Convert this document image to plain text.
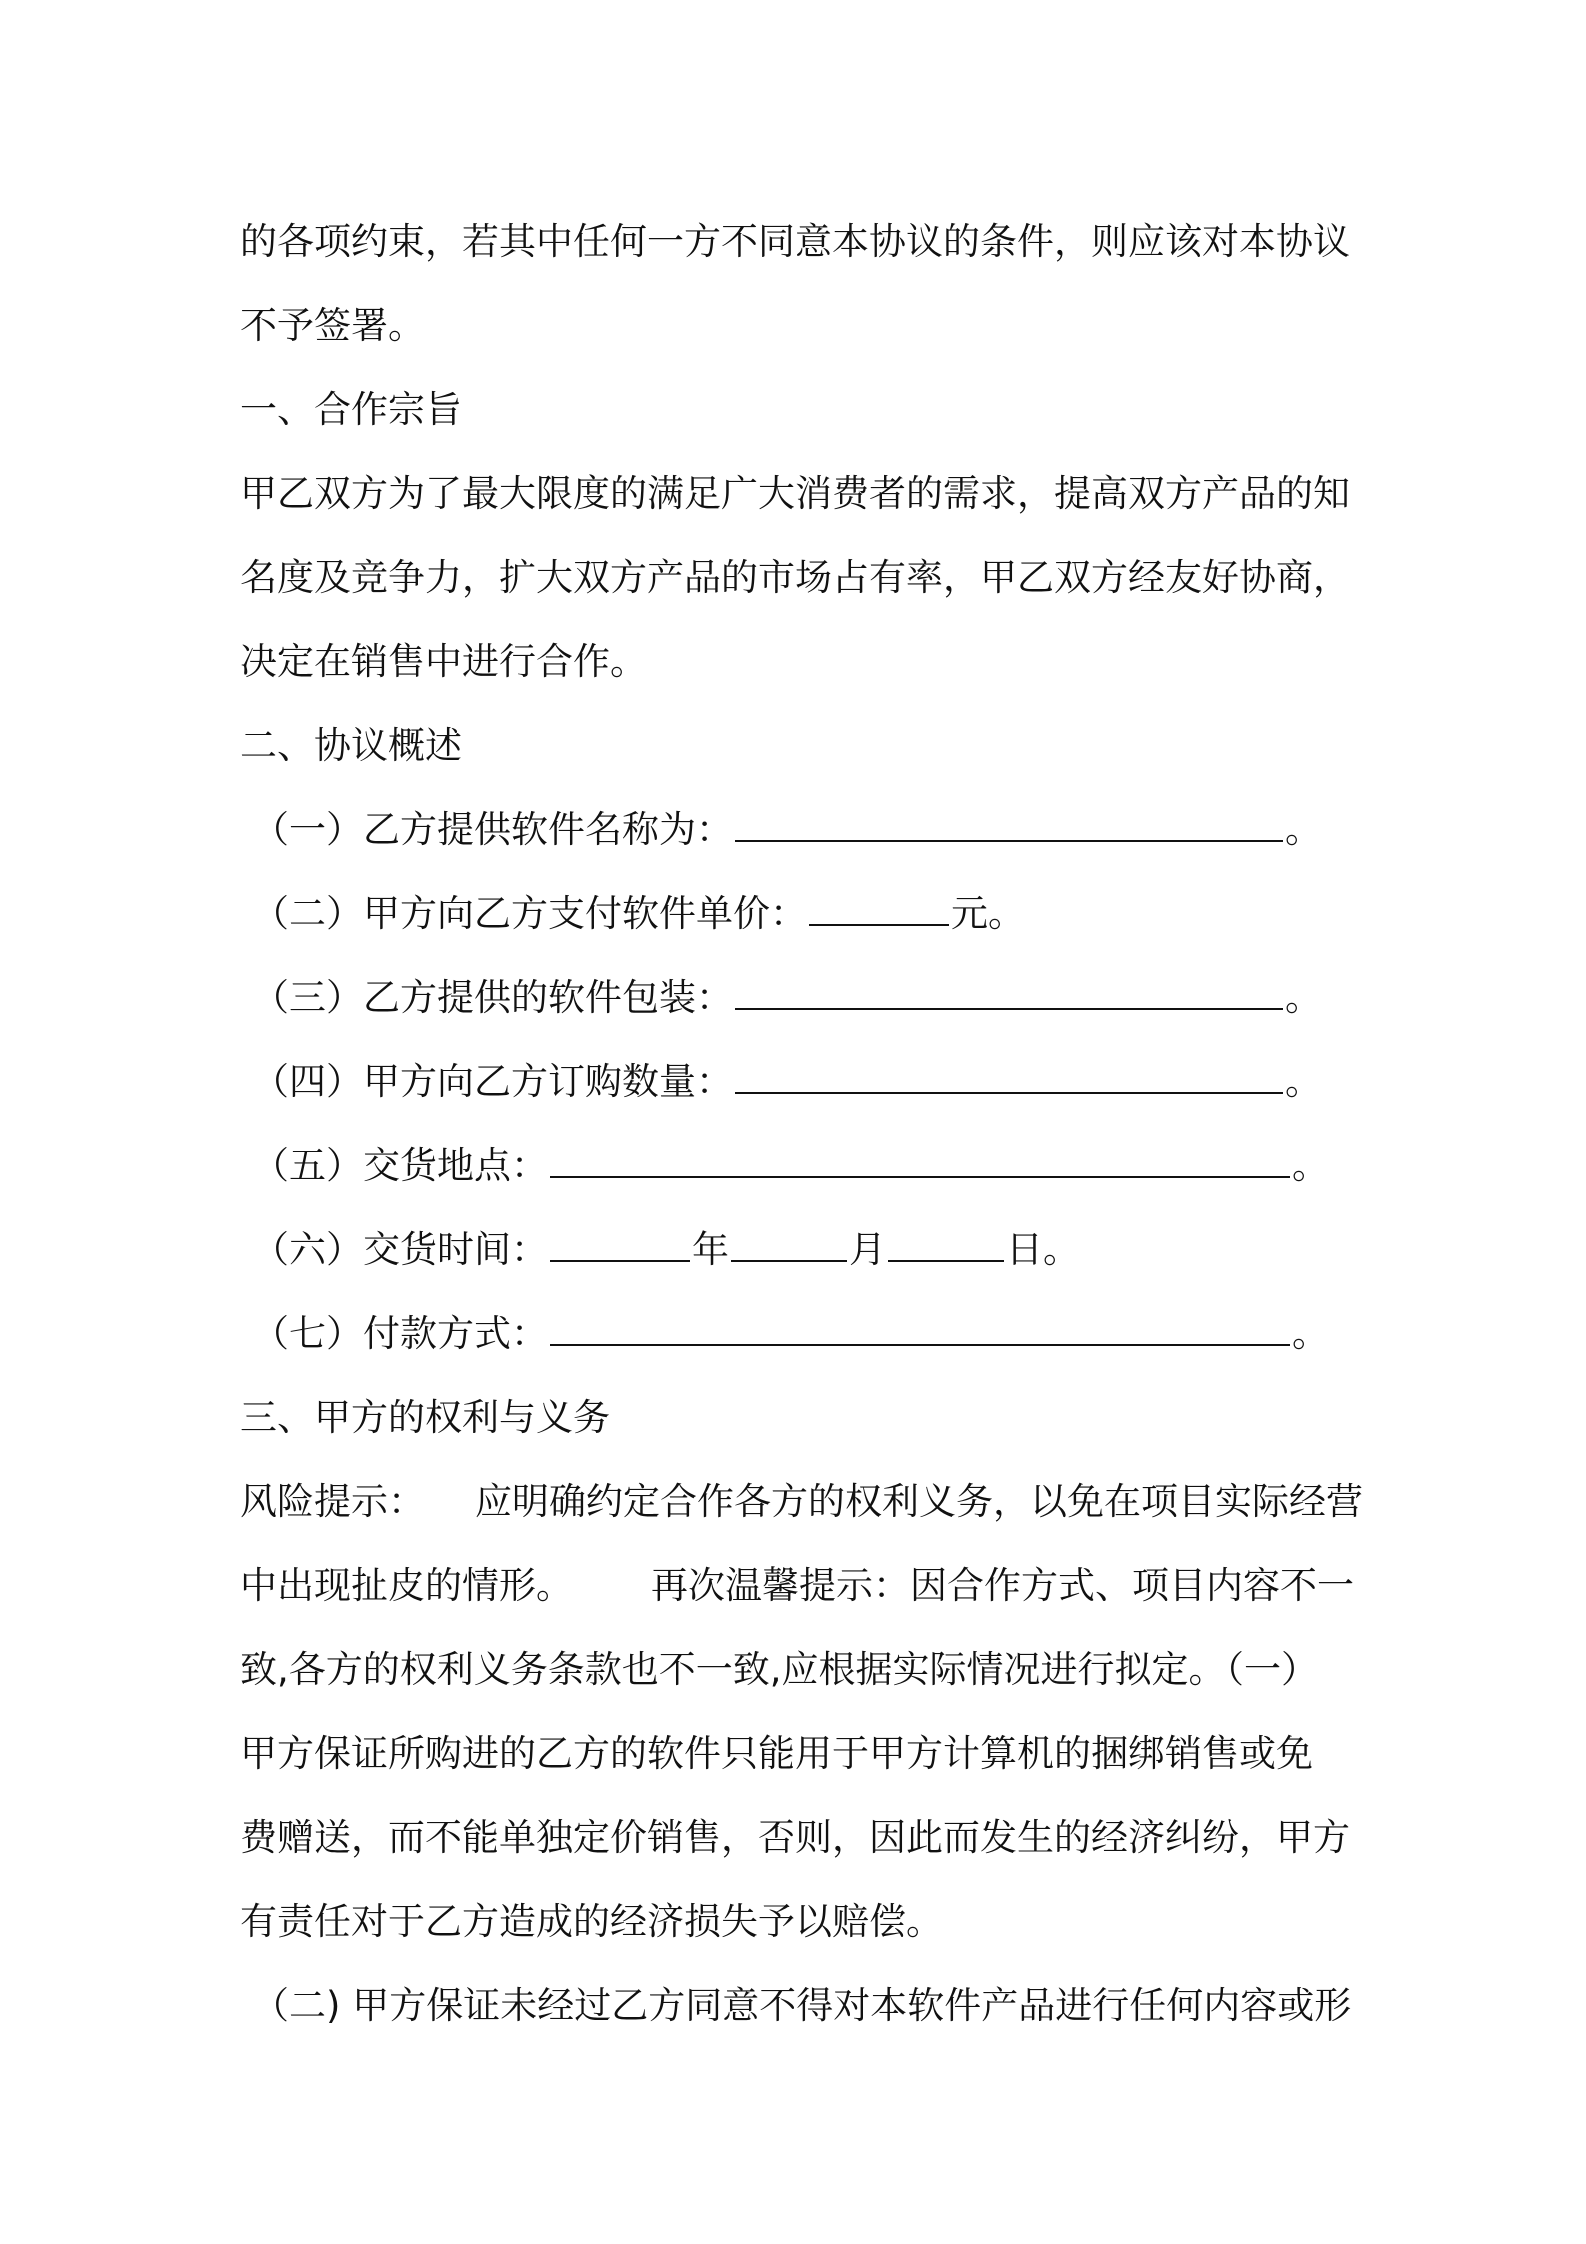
的各项约束，若其中任何一方不同意本协议的条件，则应该对本协议
不予签署。
一、合作宗旨
甲乙双方为了最大限度的满足广大消费者的需求，提高双方产品的知
名度及竞争力，扩大双方产品的市场占有率，甲乙双方经友好协商，
决定在销售中进行合作。
二、协议概述
（一）乙方提供软件名称为：	。
（二）甲方向乙方支付软件单价：	元。
（三）乙方提供的软件包装：	。
（四）甲方向乙方订购数量：	。
（五）交货地点：	。
（六）交货时间：	年	月	日。
（七）付款方式：	。
三、甲方的权利与义务
风险提示： 应明确约定合作各方的权利义务，以免在项目实际经营
中出现扯皮的情形。 再次温馨提示：因合作方式、项目内容不一
致,各方的权利义务条款也不一致,应根据实际情况进行拟定。（一）
甲方保证所购进的乙方的软件只能用于甲方计算机的捆绑销售或免
费赠送，而不能单独定价销售，否则，因此而发生的经济纠纷，甲方
有责任对于乙方造成的经济损失予以赔偿。
（二) 甲方保证未经过乙方同意不得对本软件产品进行任何内容或形
